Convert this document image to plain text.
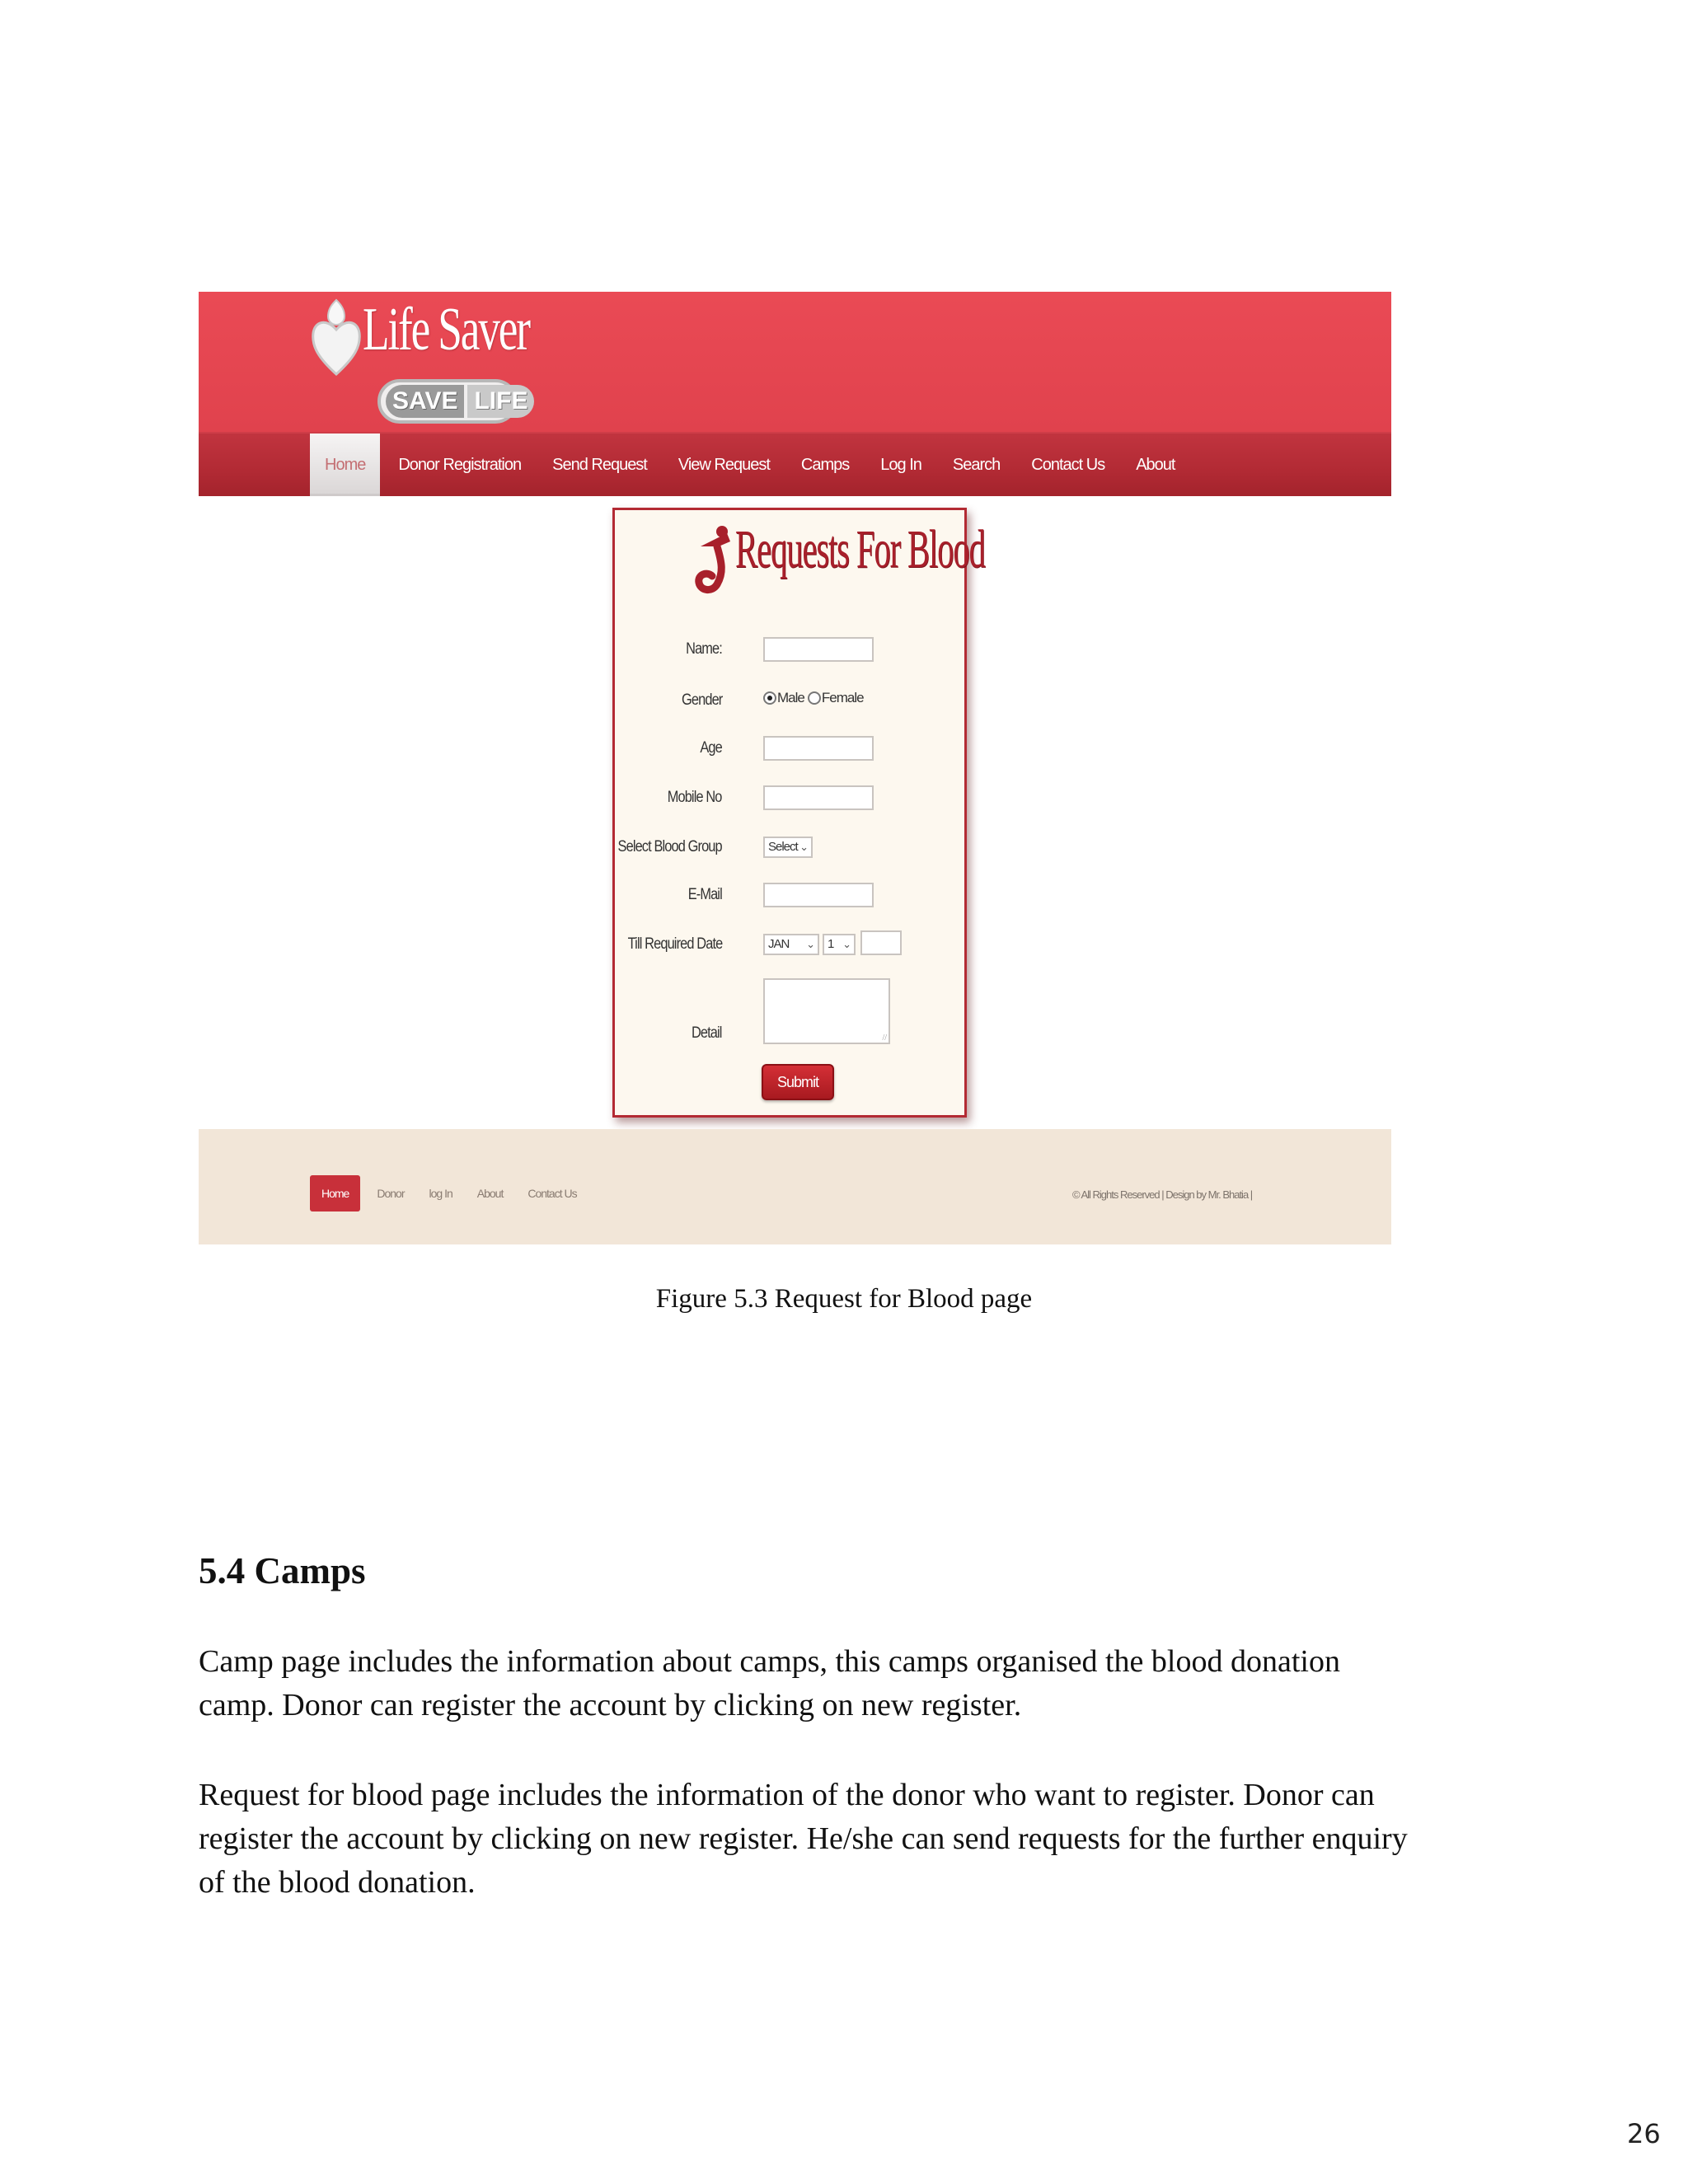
Life Saver
SAVE LIFE
Home	Donor Registration Send Request View Request Camps Log In Search Contact Us About
Requests For Blood
Name:
Gender	Male Female
Age
Mobile No
Select Blood Group	Select ⌄
E-Mail
Till Required Date	JAN ⌄	1 ⌄
Detail	//
Submit
Home	Donor log In About Contact Us	© All Rights Reserved | Design by Mr. Bhatia |
Figure 5.3 Request for Blood page
5.4 Camps
Camp page includes the information about camps, this camps organised the blood donation
camp. Donor can register the account by clicking on new register.
Request for blood page includes the information of the donor who want to register. Donor can
register the account by clicking on new register. He/she can send requests for the further enquiry
of the blood donation.
26
